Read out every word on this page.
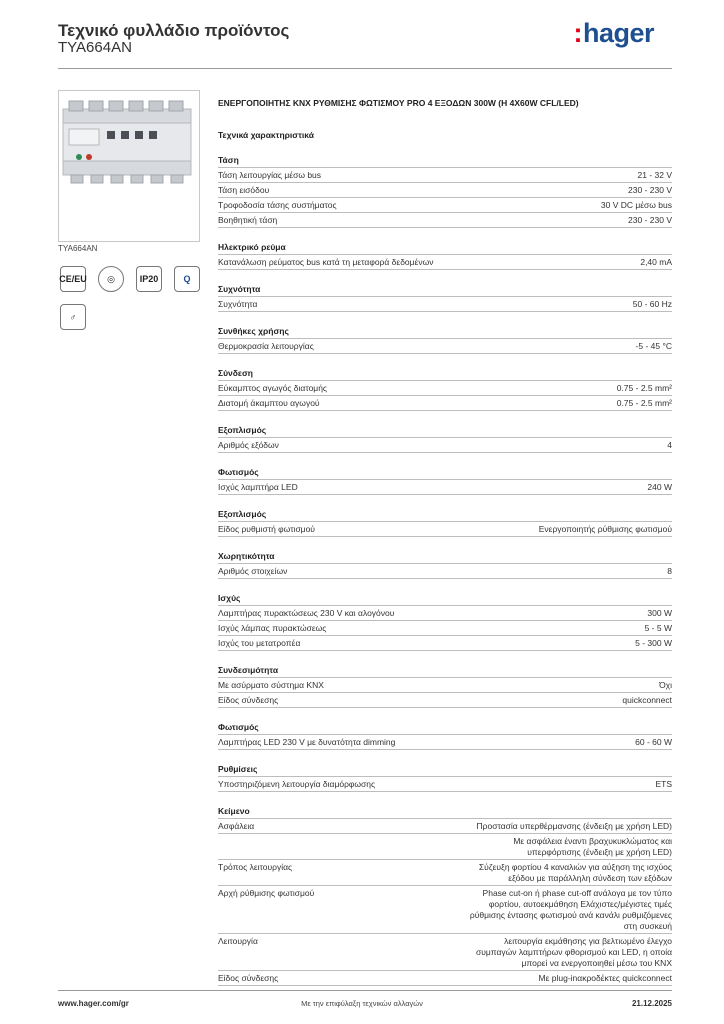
Τεχνικό φυλλάδιο προϊόντος
TYA664AN	:hager
TYA664AN
CE/EU	◎	IP20	Q
♂
ΕΝΕΡΓΟΠΟΙΗΤΗΣ KNX ΡΥΘΜΙΣΗΣ ΦΩΤΙΣΜΟΥ PRO 4 ΕΞΟΔΩΝ 300W (Η 4X60W CFL/LED)
Τεχνικά χαρακτηριστικά
Τάση
Τάση λειτουργίας μέσω bus	21 - 32 V
Τάση εισόδου	230 - 230 V
Τροφοδοσία τάσης συστήματος	30 V DC μέσω bus
Βοηθητική τάση	230 - 230 V
Ηλεκτρικό ρεύμα
Κατανάλωση ρεύματος bus κατά τη μεταφορά δεδομένων	2,40 mA
Συχνότητα
Συχνότητα	50 - 60 Hz
Συνθήκες χρήσης
Θερμοκρασία λειτουργίας	-5 - 45 °C
Σύνδεση
Εύκαμπτος αγωγός διατομής	0.75 - 2.5 mm²
Διατομή άκαμπτου αγωγού	0.75 - 2.5 mm²
Εξοπλισμός
Αριθμός εξόδων	4
Φωτισμός
Ισχύς λαμπτήρα LED	240 W
Εξοπλισμός
Είδος ρυθμιστή φωτισμού	Ενεργοποιητής ρύθμισης φωτισμού
Χωρητικότητα
Αριθμός στοιχείων	8
Ισχύς
Λαμπτήρας πυρακτώσεως 230 V και αλογόνου	300 W
Ισχύς λάμπας πυρακτώσεως	5 - 5 W
Ισχύς του μετατροπέα	5 - 300 W
Συνδεσιμότητα
Με ασύρματο σύστημα KNX	Όχι
Είδος σύνδεσης	quickconnect
Φωτισμός
Λαμπτήρας LED 230 V με δυνατότητα dimming	60 - 60 W
Ρυθμίσεις
Υποστηριζόμενη λειτουργία διαμόρφωσης	ETS
Κείμενο
Ασφάλεια	Προστασία υπερθέρμανσης (ένδειξη με χρήση LED)
Με ασφάλεια έναντι βραχυκυκλώματος και υπερφόρτισης (ένδειξη με χρήση LED)
Τρόπος λειτουργίας	Σύζευξη φορτίου 4 καναλιών για αύξηση της ισχύος εξόδου με παράλληλη σύνδεση των εξόδων
Αρχή ρύθμισης φωτισμού	Phase cut-on ή phase cut-off ανάλογα με τον τύπο φορτίου, αυτοεκμάθηση Ελάχιστες/μέγιστες τιμές ρύθμισης έντασης φωτισμού ανά κανάλι ρυθμιζόμενες στη συσκευή
Λειτουργία	λειτουργία εκμάθησης για βελτιωμένο έλεγχο συμπαγών λαμπτήρων φθορισμού και LED, η οποία μπορεί να ενεργοποιηθεί μέσω του KNX
Είδος σύνδεσης	Με plug-inακροδέκτες quickconnect
www.hager.com/gr	Με την επιφύλαξη τεχνικών αλλαγών	21.12.2025
